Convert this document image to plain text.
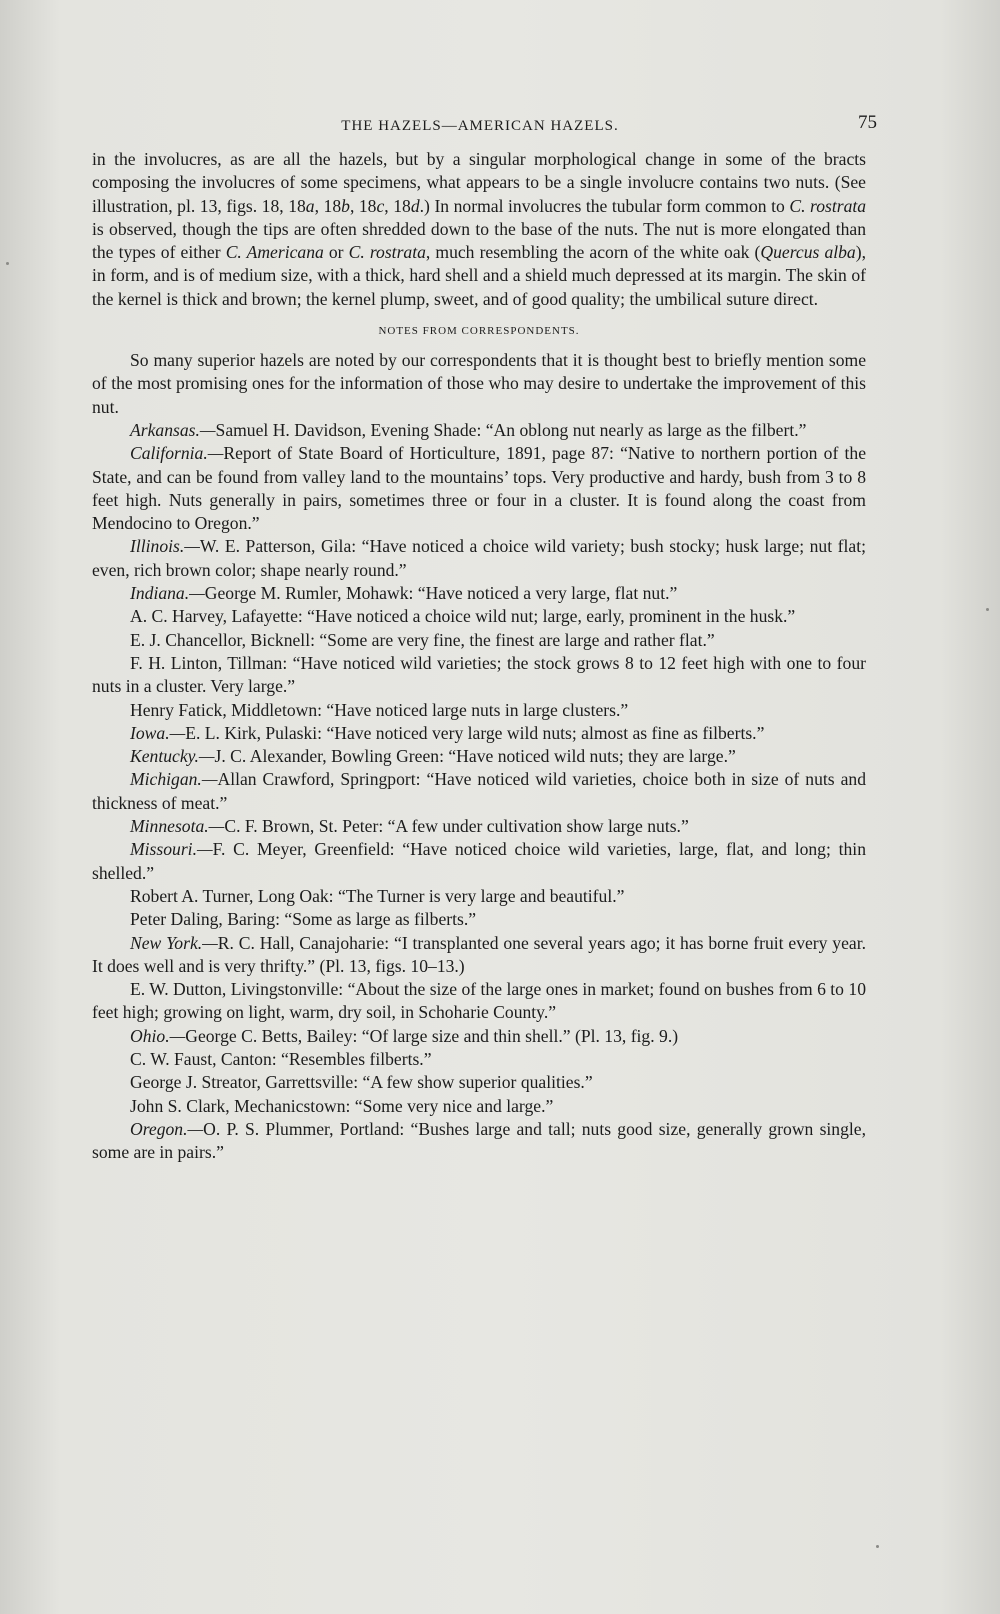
THE HAZELS—AMERICAN HAZELS.	75

in the involucres, as are all the hazels, but by a singular morphological change in some of the bracts composing the involucres of some specimens, what appears to be a single involucre contains two nuts. (See illustration, pl. 13, figs. 18, 18a, 18b, 18c, 18d.) In normal involucres the tubular form common to C. rostrata is observed, though the tips are often shredded down to the base of the nuts. The nut is more elongated than the types of either C. Americana or C. rostrata, much resembling the acorn of the white oak (Quercus alba), in form, and is of medium size, with a thick, hard shell and a shield much depressed at its margin. The skin of the kernel is thick and brown; the kernel plump, sweet, and of good quality; the umbilical suture direct.

NOTES FROM CORRESPONDENTS.

So many superior hazels are noted by our correspondents that it is thought best to briefly mention some of the most promising ones for the information of those who may desire to undertake the improvement of this nut.

Arkansas.—Samuel H. Davidson, Evening Shade: “An oblong nut nearly as large as the filbert.”

California.—Report of State Board of Horticulture, 1891, page 87: “Native to northern portion of the State, and can be found from valley land to the mountains’ tops. Very productive and hardy, bush from 3 to 8 feet high. Nuts generally in pairs, sometimes three or four in a cluster. It is found along the coast from Mendocino to Oregon.”

Illinois.—W. E. Patterson, Gila: “Have noticed a choice wild variety; bush stocky; husk large; nut flat; even, rich brown color; shape nearly round.”

Indiana.—George M. Rumler, Mohawk: “Have noticed a very large, flat nut.”

A. C. Harvey, Lafayette: “Have noticed a choice wild nut; large, early, prominent in the husk.”

E. J. Chancellor, Bicknell: “Some are very fine, the finest are large and rather flat.”

F. H. Linton, Tillman: “Have noticed wild varieties; the stock grows 8 to 12 feet high with one to four nuts in a cluster. Very large.”

Henry Fatick, Middletown: “Have noticed large nuts in large clusters.”

Iowa.—E. L. Kirk, Pulaski: “Have noticed very large wild nuts; almost as fine as filberts.”

Kentucky.—J. C. Alexander, Bowling Green: “Have noticed wild nuts; they are large.”

Michigan.—Allan Crawford, Springport: “Have noticed wild varieties, choice both in size of nuts and thickness of meat.”

Minnesota.—C. F. Brown, St. Peter: “A few under cultivation show large nuts.”

Missouri.—F. C. Meyer, Greenfield: “Have noticed choice wild varieties, large, flat, and long; thin shelled.”

Robert A. Turner, Long Oak: “The Turner is very large and beautiful.”

Peter Daling, Baring: “Some as large as filberts.”

New York.—R. C. Hall, Canajoharie: “I transplanted one several years ago; it has borne fruit every year. It does well and is very thrifty.” (Pl. 13, figs. 10–13.)

E. W. Dutton, Livingstonville: “About the size of the large ones in market; found on bushes from 6 to 10 feet high; growing on light, warm, dry soil, in Schoharie County.”

Ohio.—George C. Betts, Bailey: “Of large size and thin shell.” (Pl. 13, fig. 9.)

C. W. Faust, Canton: “Resembles filberts.”

George J. Streator, Garrettsville: “A few show superior qualities.”

John S. Clark, Mechanicstown: “Some very nice and large.”

Oregon.—O. P. S. Plummer, Portland: “Bushes large and tall; nuts good size, generally grown single, some are in pairs.”
